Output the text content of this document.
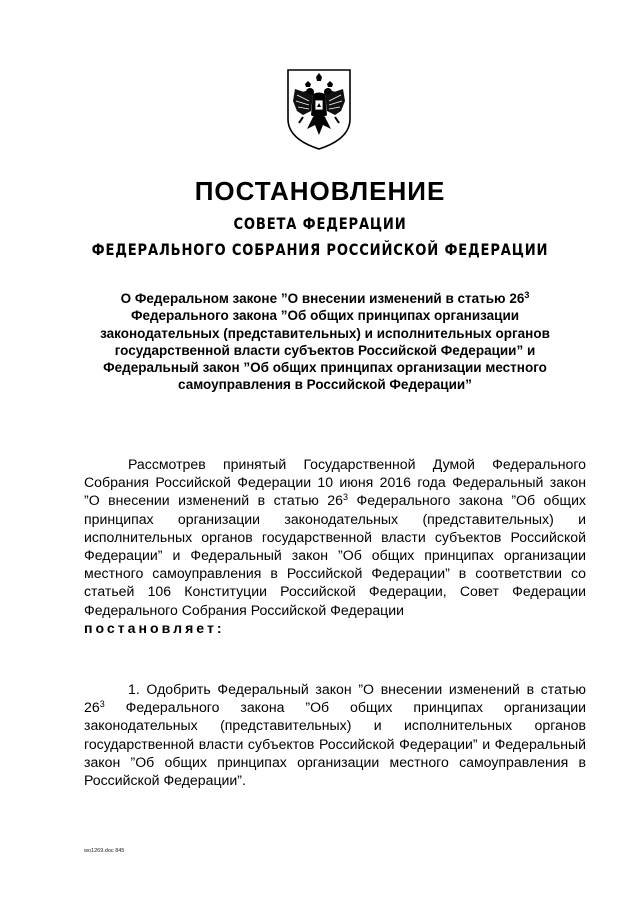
ПОСТАНОВЛЕНИЕ
СОВЕТА ФЕДЕРАЦИИ
ФЕДЕРАЛЬНОГО СОБРАНИЯ РОССИЙСКОЙ ФЕДЕРАЦИИ
О Федеральном законе ”О внесении изменений в статью $26^3$ Федерального закона ”Об общих принципах организации законодательных (представительных) и исполнительных органов государственной власти субъектов Российской Федерации” и Федеральный закон ”Об общих принципах организации местного самоуправления в Российской Федерации”
Рассмотрев принятый Государственной Думой Федерального Собрания Российской Федерации 10 июня 2016 года Федеральный закон ”О внесении изменений в статью $26^3$ Федерального закона ”Об общих принципах организации законодательных (представительных) и исполнительных органов государственной власти субъектов Российской Федерации” и Федеральный закон ”Об общих принципах организации местного самоуправления в Российской Федерации” в соответствии со статьей 106 Конституции Российской Федерации, Совет Федерации Федерального Собрания Российской Федерации
постановляет:
1. Одобрить Федеральный закон ”О внесении изменений в статью $26^3$ Федерального закона ”Об общих принципах организации законодательных (представительных) и исполнительных органов государственной власти субъектов Российской Федерации” и Федеральный закон ”Об общих принципах организации местного самоуправления в Российской Федерации”.
wo1269.doc 845
